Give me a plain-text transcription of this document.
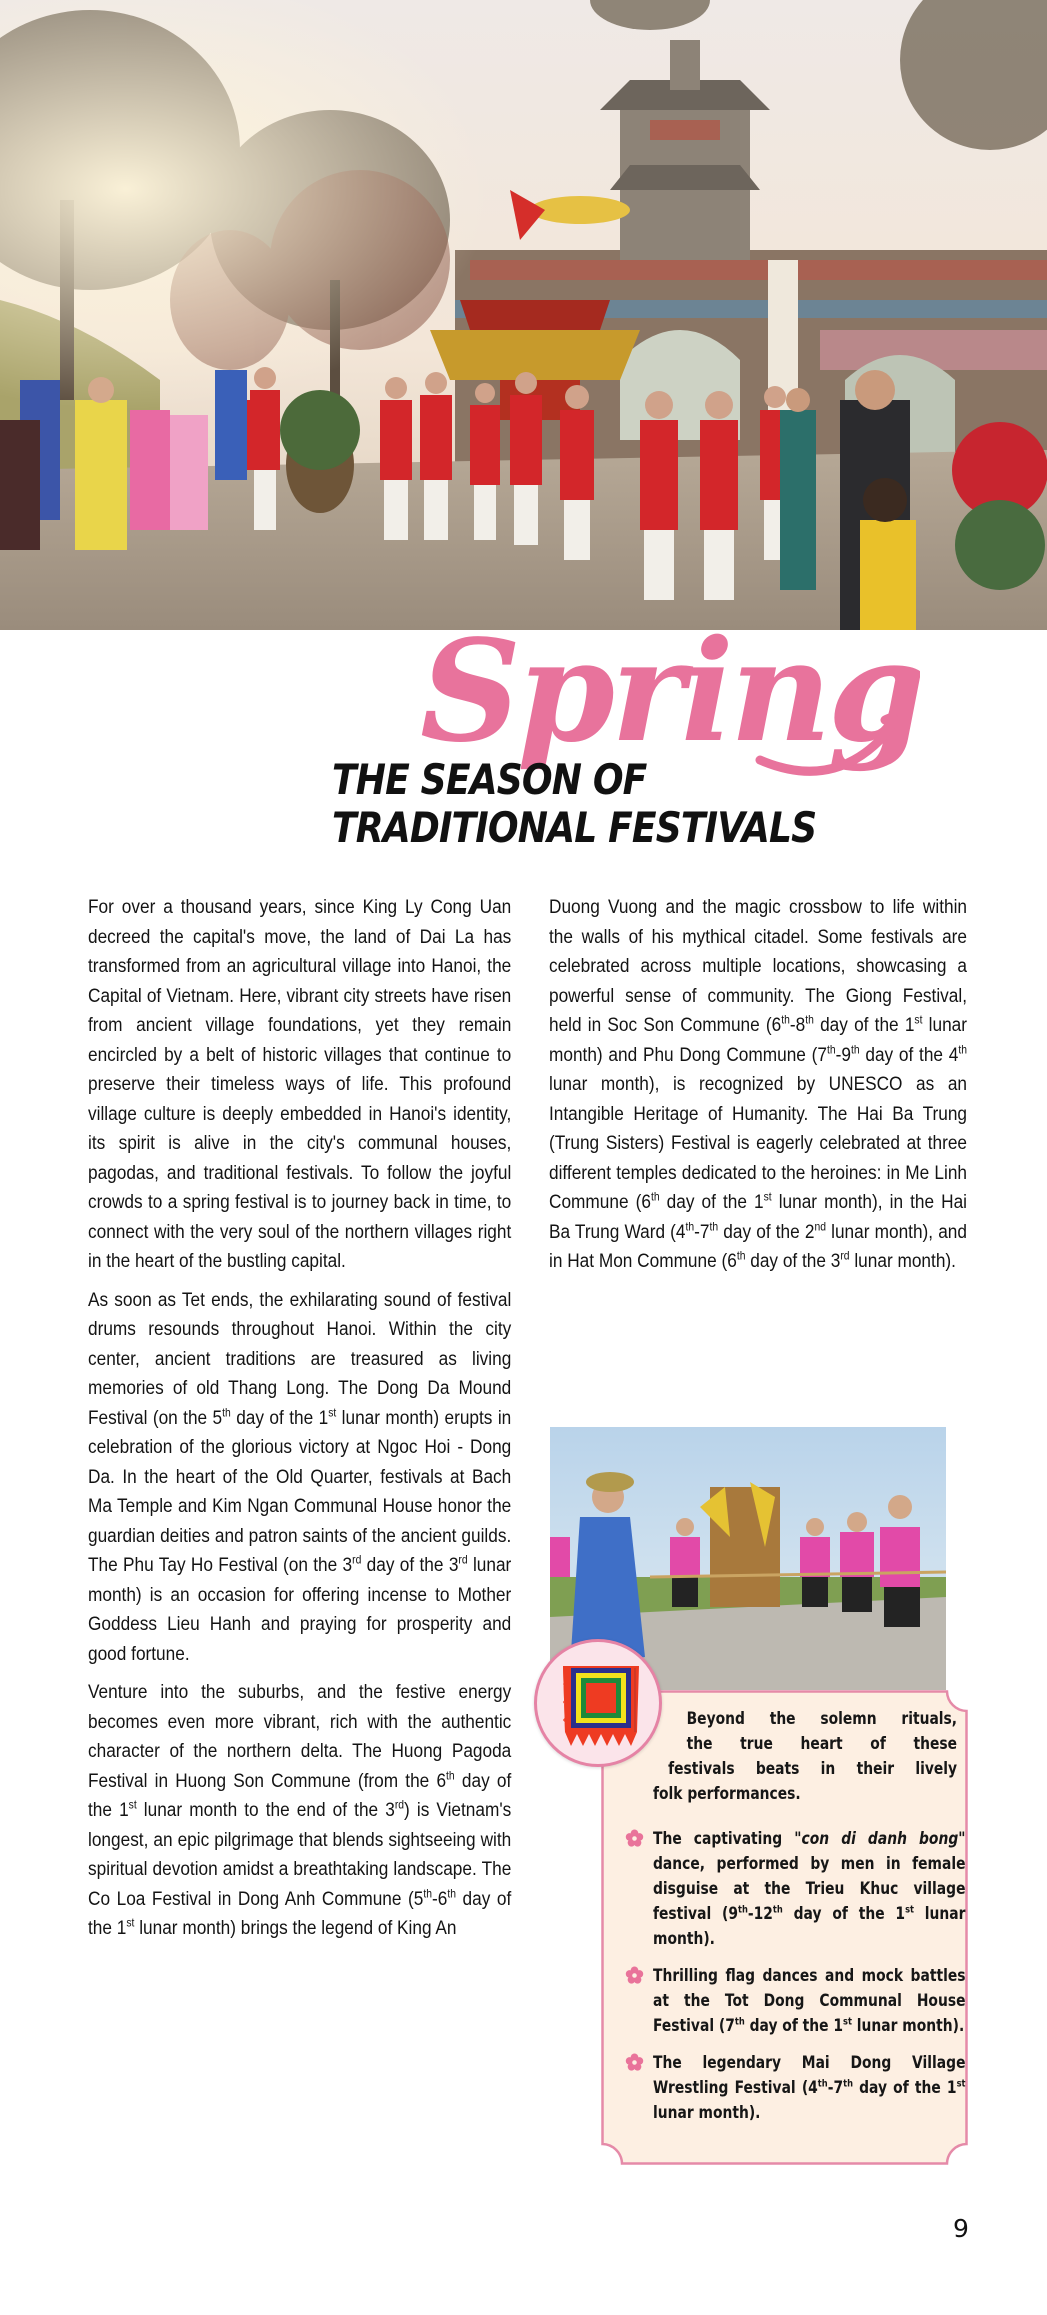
Spring
THE SEASON OF
TRADITIONAL FESTIVALS

For over a thousand years, since King Ly Cong Uan decreed the capital's move, the land of Dai La has transformed from an agricultural village into Hanoi, the Capital of Vietnam. Here, vibrant city streets have risen from ancient village foundations, yet they remain encircled by a belt of historic villages that continue to preserve their timeless ways of life. This profound village culture is deeply embedded in Hanoi's identity, its spirit is alive in the city's communal houses, pagodas, and traditional festivals. To follow the joyful crowds to a spring festival is to journey back in time, to connect with the very soul of the northern villages right in the heart of the bustling capital.

As soon as Tet ends, the exhilarating sound of festival drums resounds throughout Hanoi. Within the city center, ancient traditions are treasured as living memories of old Thang Long. The Dong Da Mound Festival (on the 5th day of the 1st lunar month) erupts in celebration of the glorious victory at Ngoc Hoi - Dong Da. In the heart of the Old Quarter, festivals at Bach Ma Temple and Kim Ngan Communal House honor the guardian deities and patron saints of the ancient guilds. The Phu Tay Ho Festival (on the 3rd day of the 3rd lunar month) is an occasion for offering incense to Mother Goddess Lieu Hanh and praying for prosperity and good fortune.

Venture into the suburbs, and the festive energy becomes even more vibrant, rich with the authentic character of the northern delta. The Huong Pagoda Festival in Huong Son Commune (from the 6th day of the 1st lunar month to the end of the 3rd) is Vietnam's longest, an epic pilgrimage that blends sightseeing with spiritual devotion amidst a breathtaking landscape. The Co Loa Festival in Dong Anh Commune (5th-6th day of the 1st lunar month) brings the legend of King An

Duong Vuong and the magic crossbow to life within the walls of his mythical citadel. Some festivals are celebrated across multiple locations, showcasing a powerful sense of community. The Giong Festival, held in Soc Son Commune (6th-8th day of the 1st lunar month) and Phu Dong Commune (7th-9th day of the 4th lunar month), is recognized by UNESCO as an Intangible Heritage of Humanity. The Hai Ba Trung (Trung Sisters) Festival is eagerly celebrated at three different temples dedicated to the heroines: in Me Linh Commune (6th day of the 1st lunar month), in the Hai Ba Trung Ward (4th-7th day of the 2nd lunar month), and in Hat Mon Commune (6th day of the 3rd lunar month).

Beyond the solemn rituals,
the true heart of these
festivals beats in their lively
folk performances.
The captivating "con di danh bong" dance, performed by men in female disguise at the Trieu Khuc village festival (9th-12th day of the 1st lunar month).
Thrilling flag dances and mock battles at the Tot Dong Communal House Festival (7th day of the 1st lunar month).
The legendary Mai Dong Village Wrestling Festival (4th-7th day of the 1st lunar month).
9
